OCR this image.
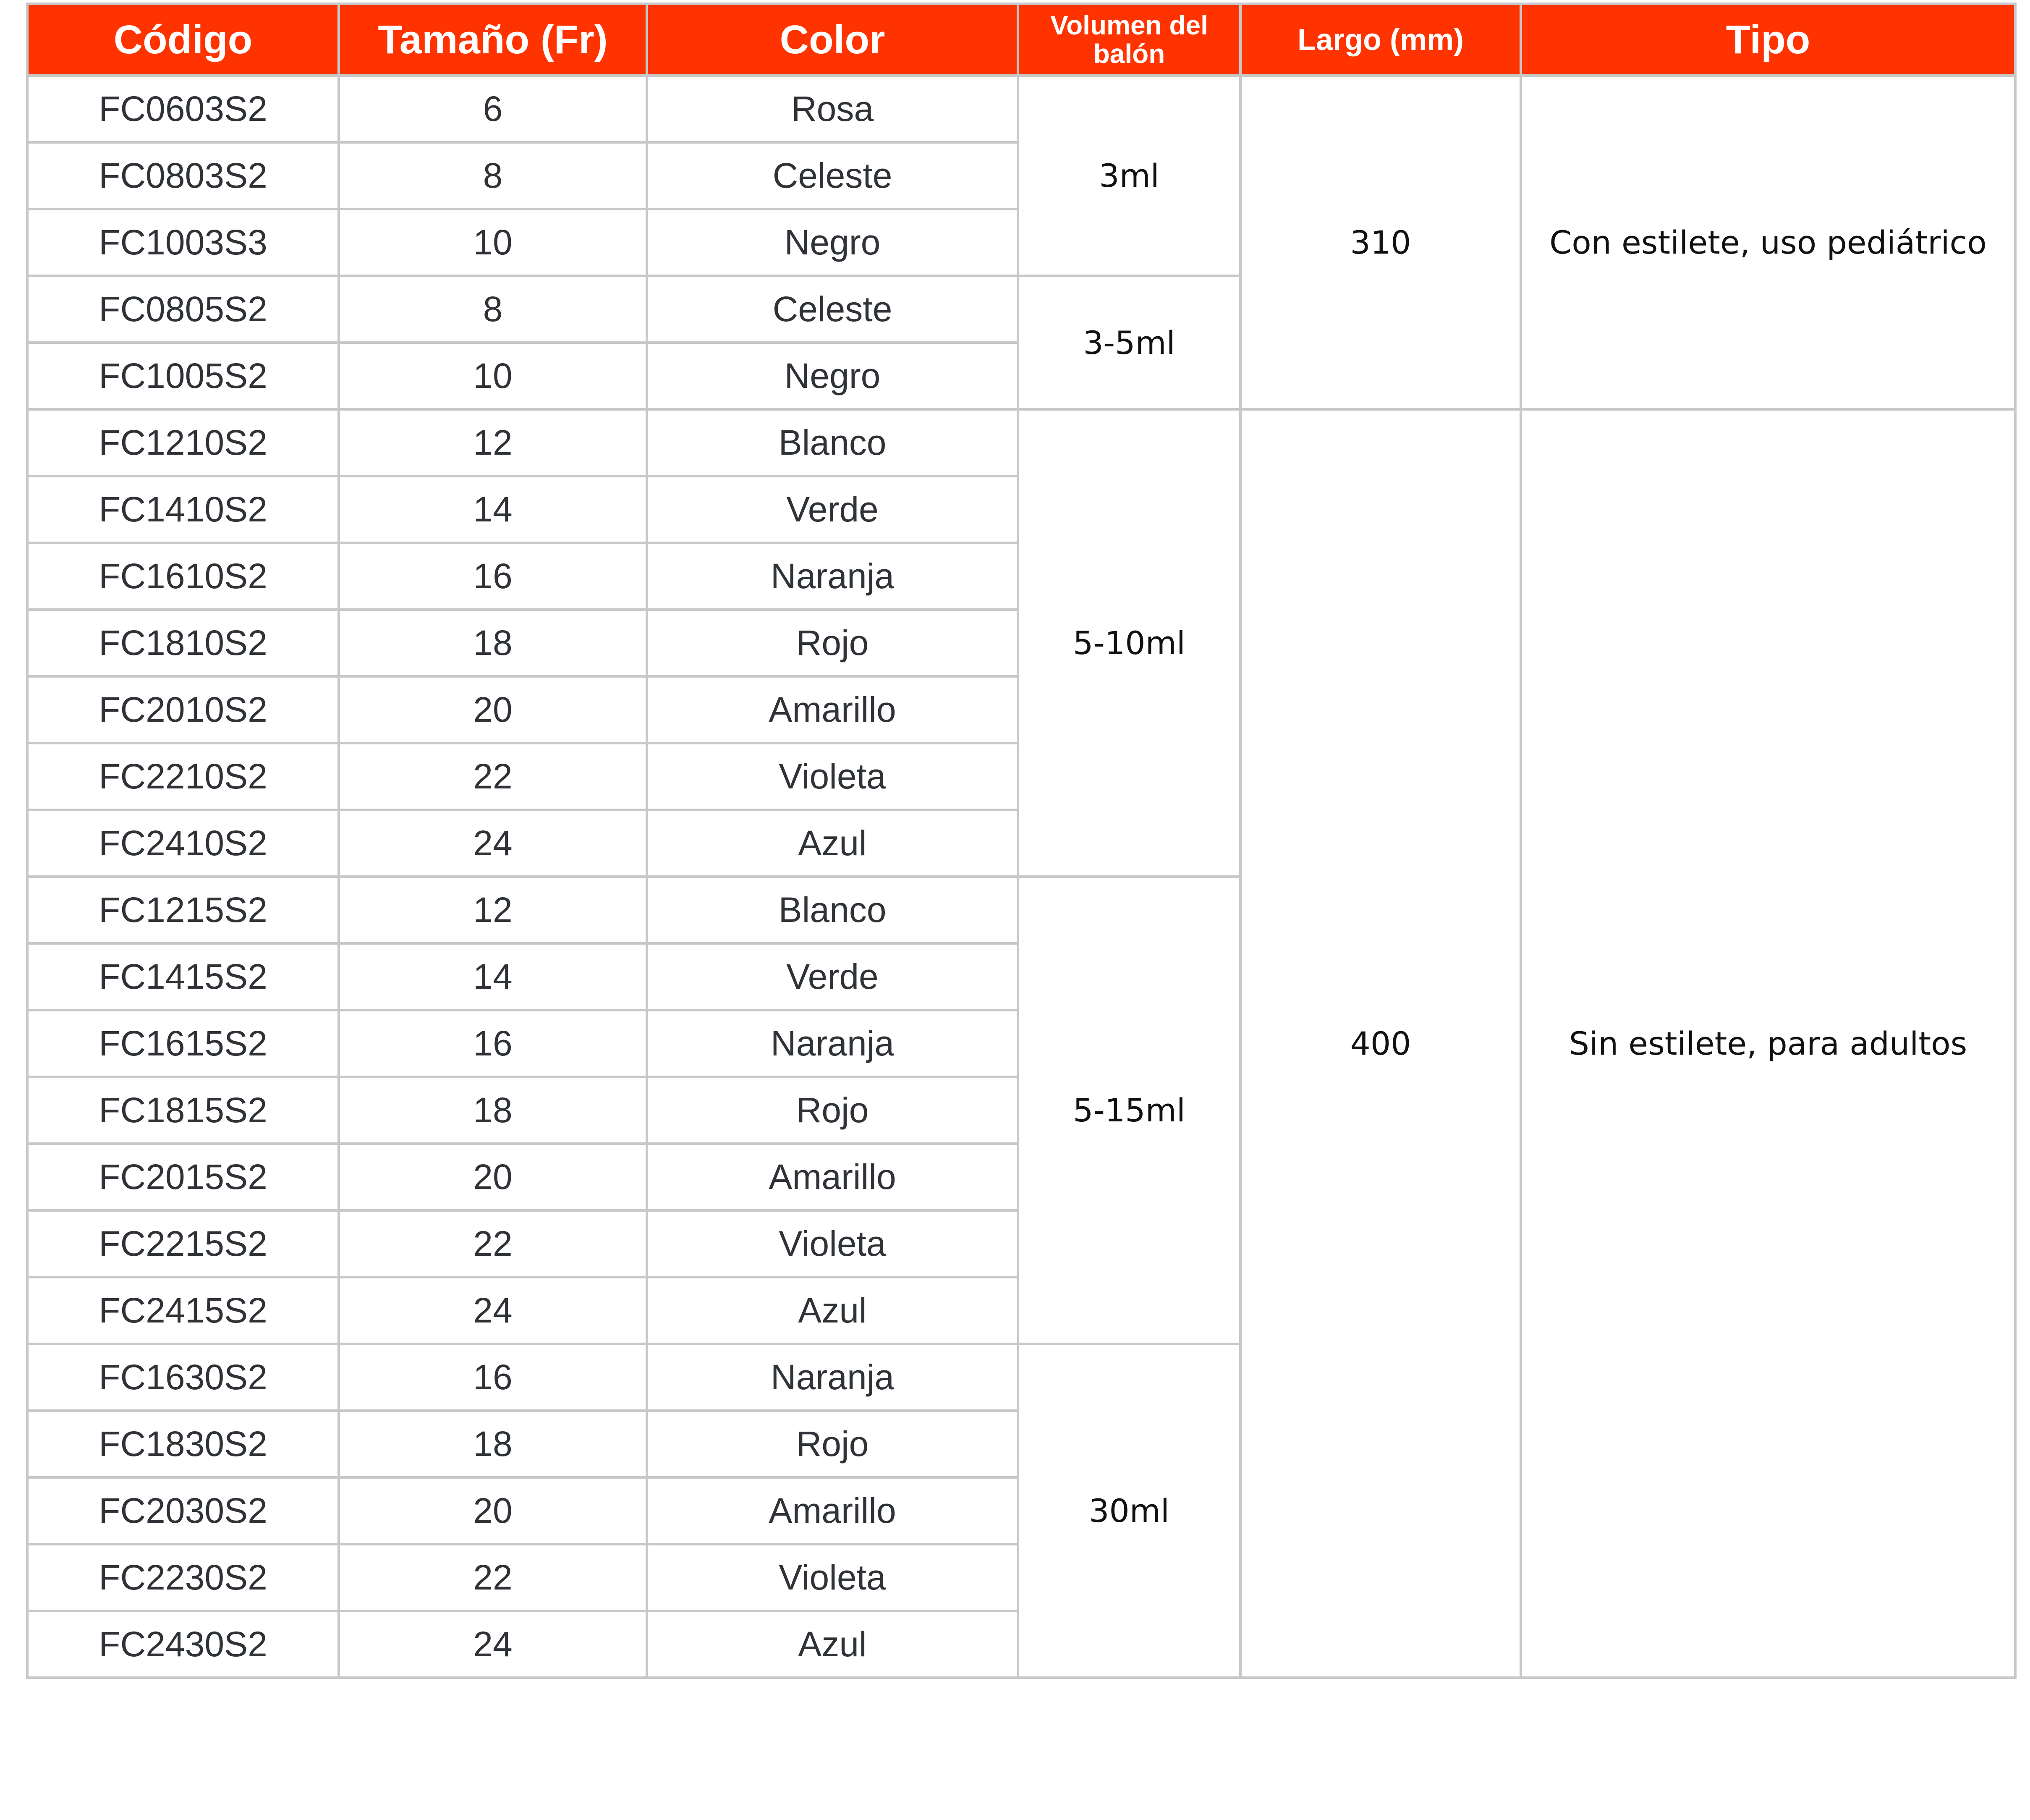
Código	Tamaño (Fr)	Color	Volumen del balón	Largo (mm)	Tipo
FC0603S2	6	Rosa	3ml	310	Con estilete, uso pediátrico
FC0803S2	8	Celeste			
FC1003S3	10	Negro			
FC0805S2	8	Celeste	3-5ml		
FC1005S2	10	Negro			
FC1210S2	12	Blanco	5-10ml	400	Sin estilete, para adultos
FC1410S2	14	Verde			
FC1610S2	16	Naranja			
FC1810S2	18	Rojo			
FC2010S2	20	Amarillo			
FC2210S2	22	Violeta			
FC2410S2	24	Azul			
FC1215S2	12	Blanco	5-15ml		
FC1415S2	14	Verde			
FC1615S2	16	Naranja			
FC1815S2	18	Rojo			
FC2015S2	20	Amarillo			
FC2215S2	22	Violeta			
FC2415S2	24	Azul			
FC1630S2	16	Naranja	30ml		
FC1830S2	18	Rojo			
FC2030S2	20	Amarillo			
FC2230S2	22	Violeta			
FC2430S2	24	Azul			
